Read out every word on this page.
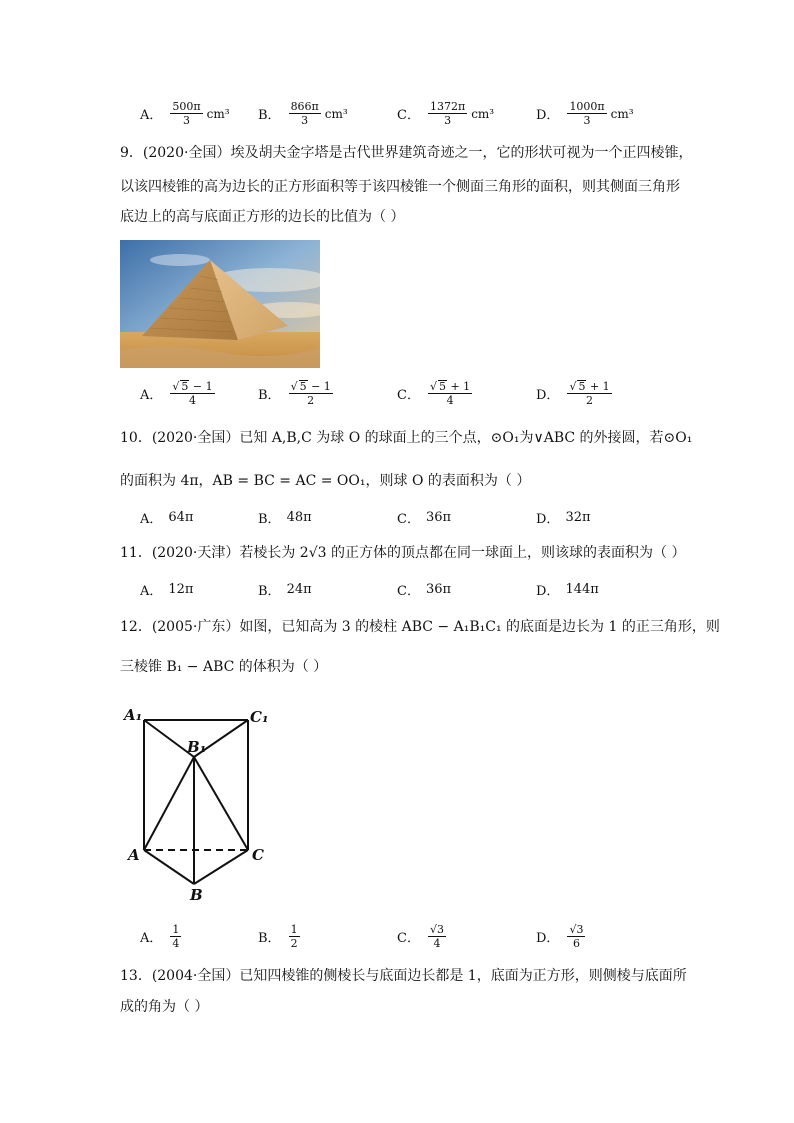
A． $\frac{500\pi}{3} cm^3$ B． $\frac{866\pi}{3} cm^3$	C． $\frac{1372\pi}{3} cm^3$	D． $\frac{1000\pi}{3} cm^3$
9．(2020·全国）埃及胡夫金字塔是古代世界建筑奇迹之一，它的形状可视为一个正四棱锥，
以该四棱锥的高为边长的正方形面积等于该四棱锥一个侧面三角形的面积，则其侧面三角形
底边上的高与底面正方形的边长的比值为（ ）
A． $\frac{√ 5 - 1}{4}$	B． $\frac{√ 5 - 1}{2}$	C． $\frac{√ 5 + 1}{4}$	D． $\frac{√ 5 + 1}{2}$
10．(2020·全国）已知 A,B,C 为球 O 的球面上的三个点，⊙O₁为∨ABC 的外接圆，若⊙O₁
的面积为 4π，AB = BC = AC = OO₁，则球 O 的表面积为（ ）
A． 64π	B． 48π	C． 36π	D． 32π
11．(2020·天津）若棱长为 2√3 的正方体的顶点都在同一球面上，则该球的表面积为（ ）
A． 12π	B． 24π	C． 36π	D． 144π
12．(2005·广东）如图，已知高为 3 的棱柱 ABC − A₁B₁C₁ 的底面是边长为 1 的正三角形，则
三棱锥 B₁ − ABC 的体积为（ ）
A₁	C₁
B₁
A	C
B
A． $\frac{1}{4}$	B． $\frac{1}{2}$	C． $\frac{√3}{4}$	D． $\frac{√3}{6}$
13．(2004·全国）已知四棱锥的侧棱长与底面边长都是 1，底面为正方形，则侧棱与底面所
成的角为（ ）
